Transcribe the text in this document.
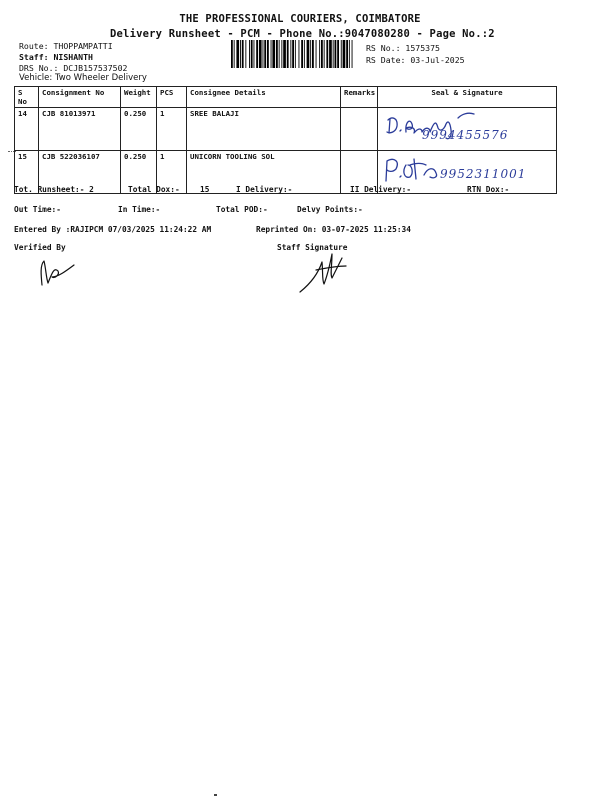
THE PROFESSIONAL COURIERS, COIMBATORE
Delivery Runsheet - PCM - Phone No.:9047080280 - Page No.:2
Route: THOPPAMPATTI
Staff: NISHANTH
DRS No.: DCJB157537502
Vehicle: Two Wheeler Delivery
RS No.: 1575375
RS Date: 03-Jul-2025
S No	Consignment No	Weight	PCS	Consignee Details	Remarks	Seal & Signature
14	CJB 81013971	0.250	1	SREE BALAJI		9994455576

15	CJB 522036107	0.250	1	UNICORN TOOLING SOL		9952311001
Tot. Runsheet:- 2	Total Dox:-	15	I Delivery:-	II Delivery:-	RTN Dox:-
Out Time:-	In Time:-	Total POD:-	Delvy Points:-
Entered By :RAJIPCM 07/03/2025 11:24:22 AM	Reprinted On: 03-07-2025 11:25:34
Verified By	Staff Signature
